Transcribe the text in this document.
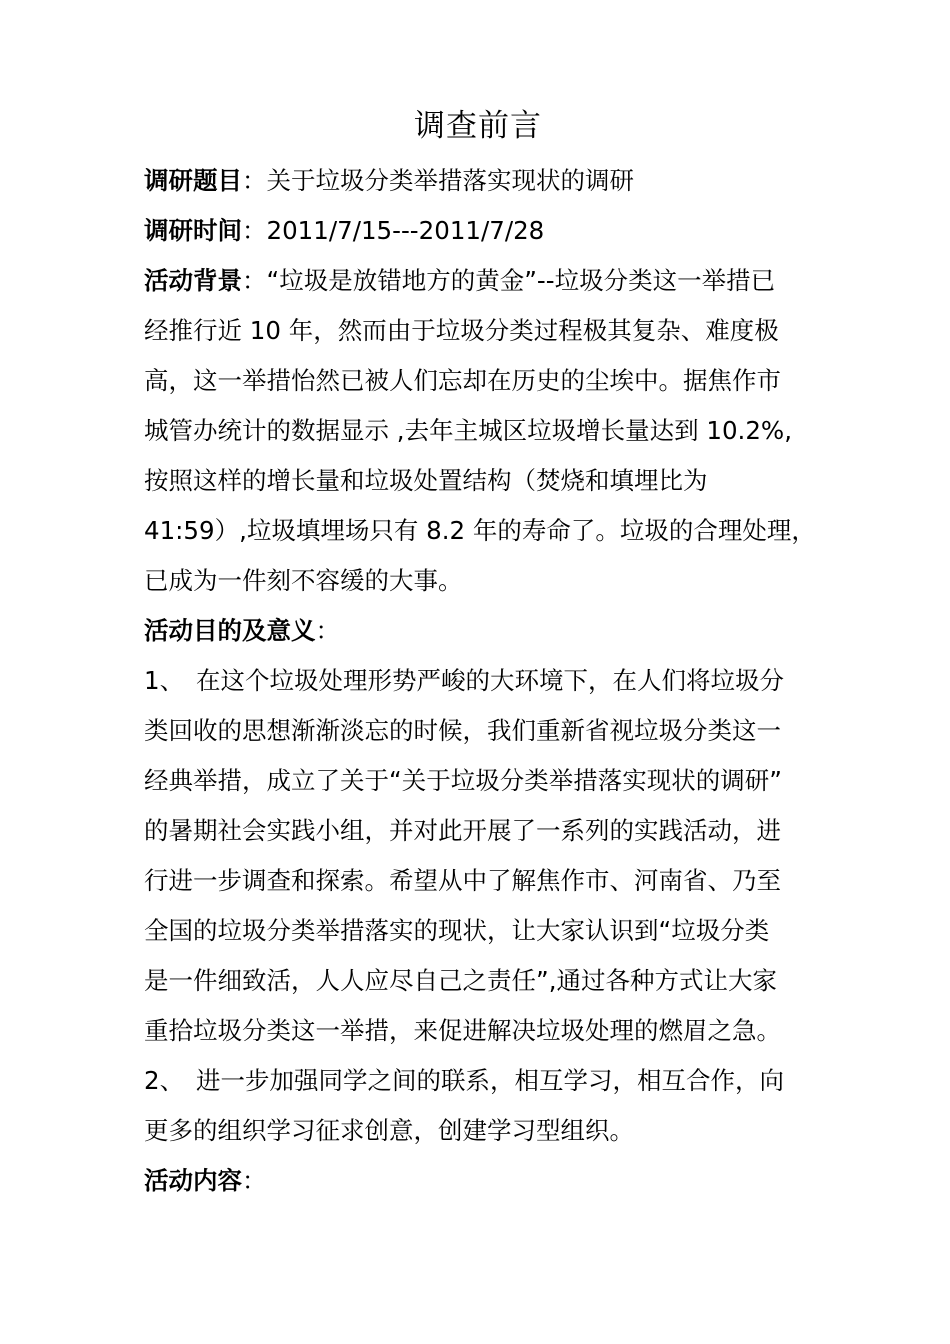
调查前言
调研题目：关于垃圾分类举措落实现状的调研
调研时间：2011/7/15---2011/7/28
活动背景：“垃圾是放错地方的黄金”--垃圾分类这一举措已
经推行近 10 年，然而由于垃圾分类过程极其复杂、难度极
高，这一举措怡然已被人们忘却在历史的尘埃中。据焦作市
城管办统计的数据显示 ,去年主城区垃圾增长量达到 10.2%,
按照这样的增长量和垃圾处置结构（焚烧和填埋比为
41:59）,垃圾填埋场只有 8.2 年的寿命了。垃圾的合理处理，
已成为一件刻不容缓的大事。
活动目的及意义：
1、 在这个垃圾处理形势严峻的大环境下，在人们将垃圾分
类回收的思想渐渐淡忘的时候，我们重新省视垃圾分类这一
经典举措，成立了关于“关于垃圾分类举措落实现状的调研”
的暑期社会实践小组，并对此开展了一系列的实践活动，进
行进一步调查和探索。希望从中了解焦作市、河南省、乃至
全国的垃圾分类举措落实的现状，让大家认识到“垃圾分类
是一件细致活，人人应尽自己之责任”,通过各种方式让大家
重拾垃圾分类这一举措，来促进解决垃圾处理的燃眉之急。
2、 进一步加强同学之间的联系，相互学习，相互合作，向
更多的组织学习征求创意，创建学习型组织。
活动内容：
